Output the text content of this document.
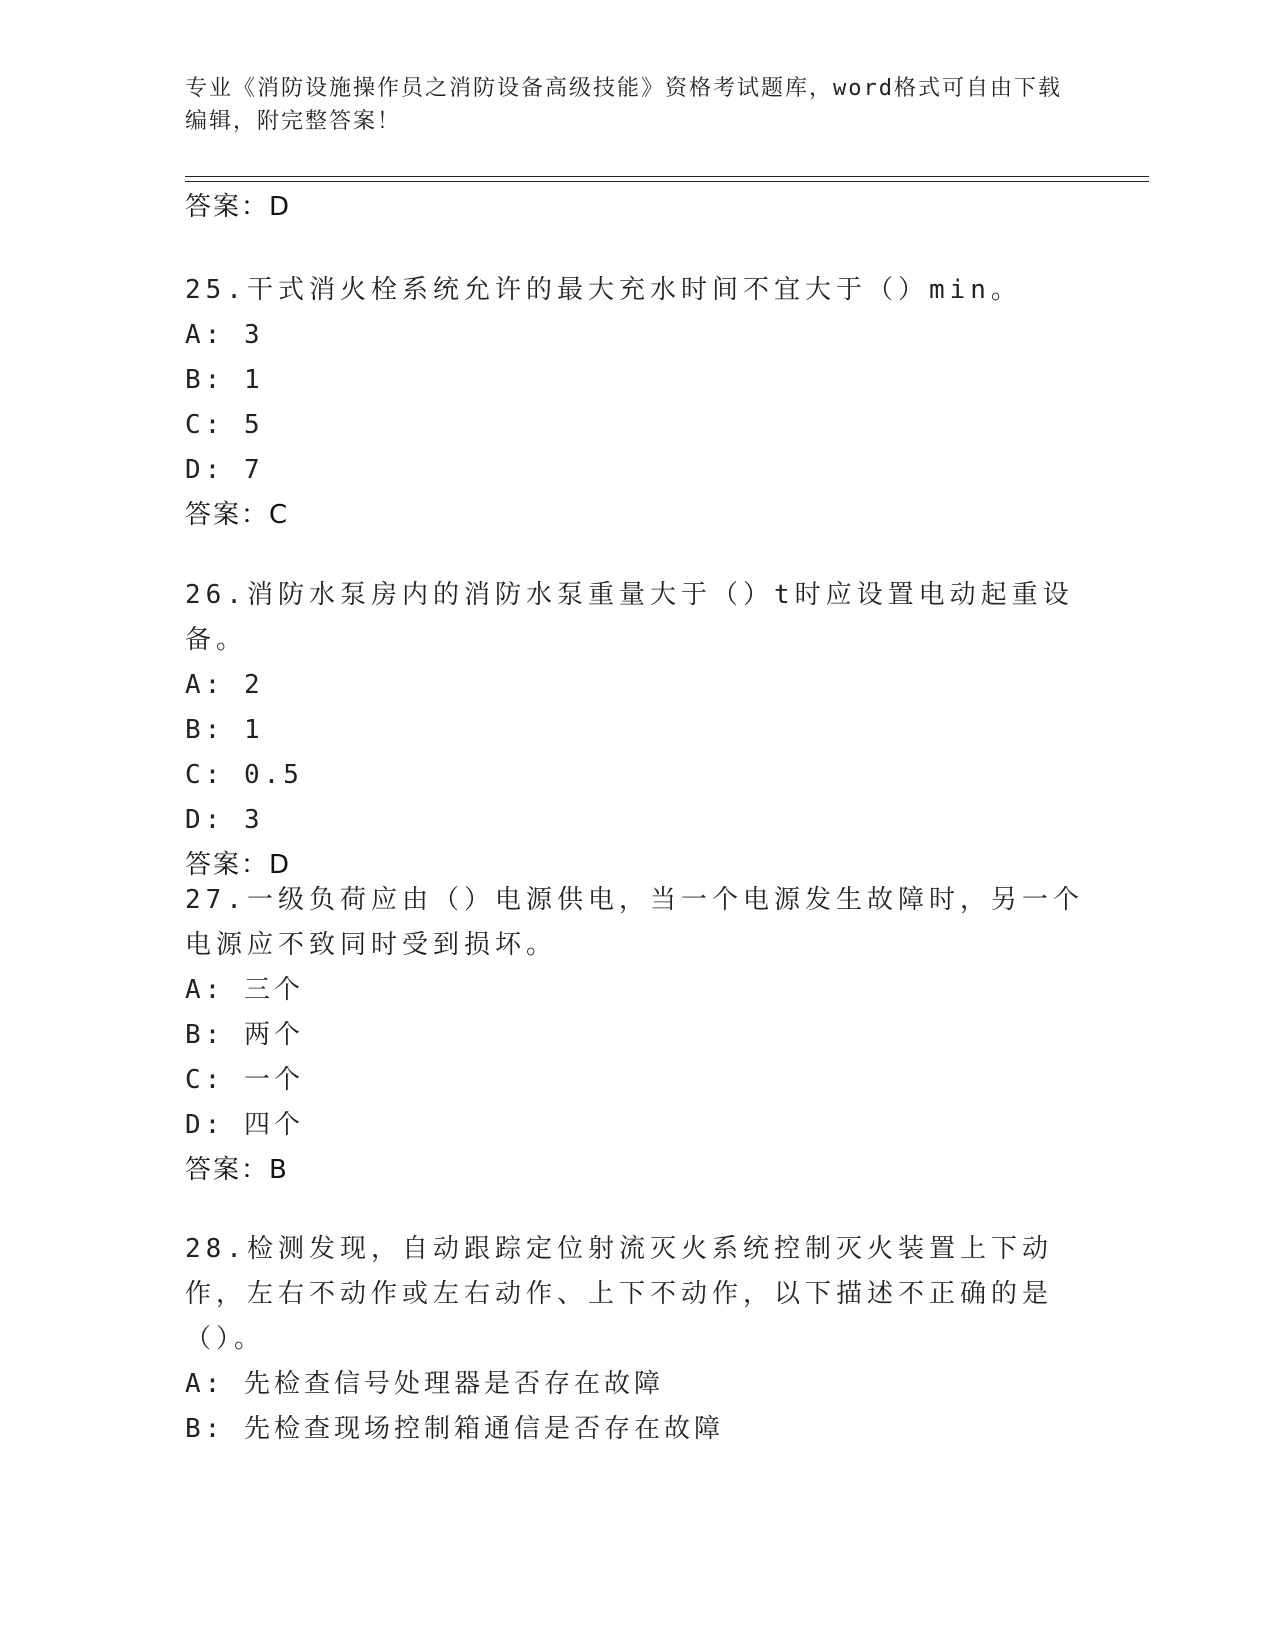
专业《消防设施操作员之消防设备高级技能》资格考试题库，word格式可自由下载编辑，附完整答案！
答案：D
25.干式消火栓系统允许的最大充水时间不宜大于（）min。
A: 3
B: 1
C: 5
D: 7
答案：C
26.消防水泵房内的消防水泵重量大于（）t时应设置电动起重设备。
A: 2
B: 1
C: 0.5
D: 3
答案：D
27.一级负荷应由（）电源供电，当一个电源发生故障时，另一个电源应不致同时受到损坏。
A: 三个
B: 两个
C: 一个
D: 四个
答案：B
28.检测发现，自动跟踪定位射流灭火系统控制灭火装置上下动作，左右不动作或左右动作、上下不动作，以下描述不正确的是（）。
A: 先检查信号处理器是否存在故障
B: 先检查现场控制箱通信是否存在故障
